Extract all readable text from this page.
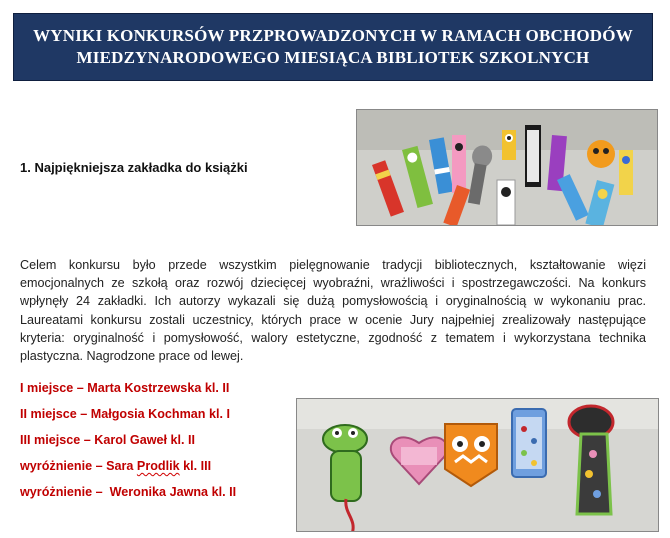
WYNIKI KONKURSÓW PRZPROWADZONYCH W RAMACH OBCHODÓW
MIEDZYNARODOWEGO MIESIĄCA BIBLIOTEK SZKOLNYCH
1. Najpiękniejsza zakładka do książki

Celem konkursu było przede wszystkim pielęgnowanie tradycji bibliotecznych, kształtowanie więzi emocjonalnych ze szkołą oraz rozwój dziecięcej wyobraźni, wrażliwości i spostrzegawczości. Na konkurs wpłynęły 24 zakładki. Ich autorzy wykazali się dużą pomysłowością i oryginalnością w wykonaniu prac. Laureatami konkursu zostali uczestnicy, których prace w ocenie Jury najpełniej zrealizowały następujące kryteria: oryginalność i pomysłowość, walory estetyczne, zgodność z tematem i wykorzystana technika plastyczna. Nagrodzone prace od lewej.

I miejsce – Marta Kostrzewska kl. II
II miejsce – Małgosia Kochman kl. I
III miejsce – Karol Gaweł kl. II
wyróżnienie – Sara Prodlik kl. III
wyróżnienie –  Weronika Jawna kl. II
